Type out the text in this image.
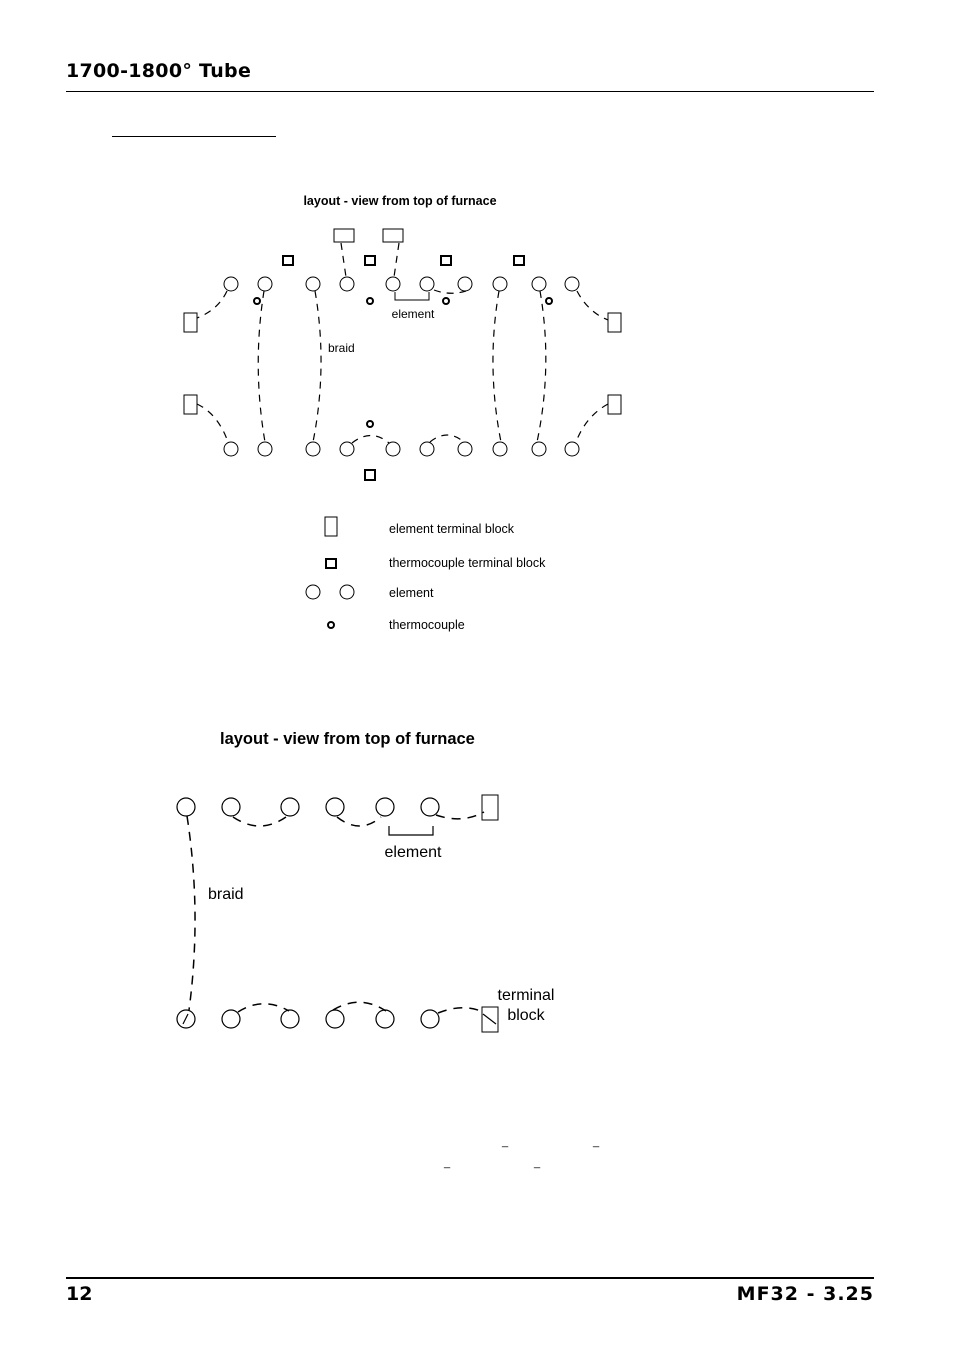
1700-1800° Tube
layout - view from top of furnace
element
braid
element terminal block
thermocouple terminal block
element
thermocouple
layout - view from top of furnace
element
braid
terminal
block
_	_
_	_
12	MF32 - 3.25
